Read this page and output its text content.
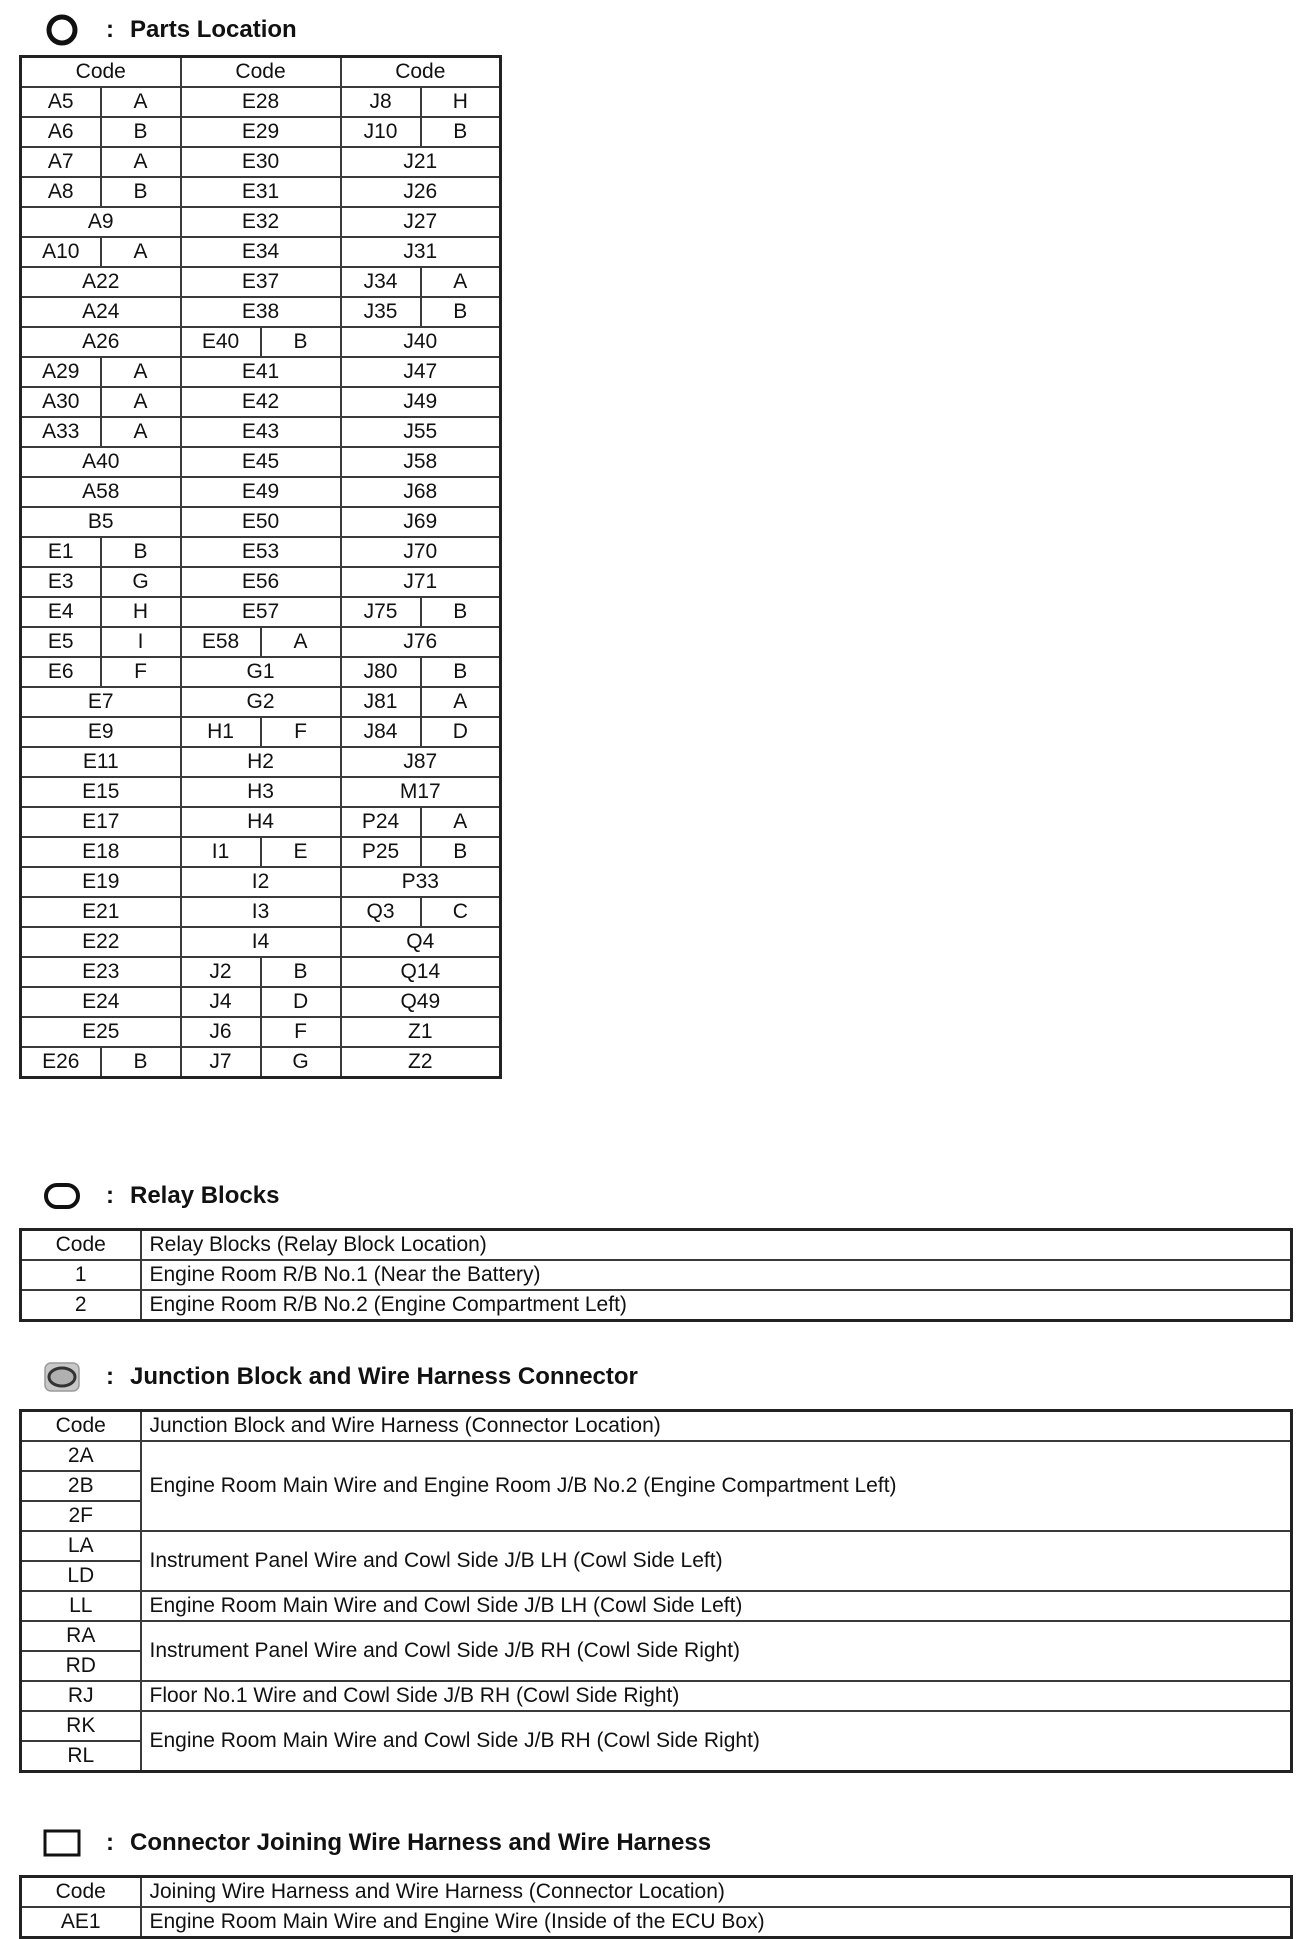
: Parts Location
Code		Code		Code	
A5	A	E28		J8	H
A6	B	E29		J10	B
A7	A	E30		J21	
A8	B	E31		J26	
A9		E32		J27	
A10	A	E34		J31	
A22		E37		J34	A
A24		E38		J35	B
A26		E40	B	J40	
A29	A	E41		J47	
A30	A	E42		J49	
A33	A	E43		J55	
A40		E45		J58	
A58		E49		J68	
B5		E50		J69	
E1	B	E53		J70	
E3	G	E56		J71	
E4	H	E57		J75	B
E5	I	E58	A	J76	
E6	F	G1		J80	B
E7		G2		J81	A
E9		H1	F	J84	D
E11		H2		J87	
E15		H3		M17	
E17		H4		P24	A
E18		I1	E	P25	B
E19		I2		P33	
E21		I3		Q3	C
E22		I4		Q4	
E23		J2	B	Q14	
E24		J4	D	Q49	
E25		J6	F	Z1	
E26	B	J7	G	Z2	
: Relay Blocks
Code	Relay Blocks (Relay Block Location)
1	Engine Room R/B No.1 (Near the Battery)
2	Engine Room R/B No.2 (Engine Compartment Left)
: Junction Block and Wire Harness Connector
Code	Junction Block and Wire Harness (Connector Location)
2A	Engine Room Main Wire and Engine Room J/B No.2 (Engine Compartment Left)
2B	
2F	
LA	Instrument Panel Wire and Cowl Side J/B LH (Cowl Side Left)
LD	
LL	Engine Room Main Wire and Cowl Side J/B LH (Cowl Side Left)
RA	Instrument Panel Wire and Cowl Side J/B RH (Cowl Side Right)
RD	
RJ	Floor No.1 Wire and Cowl Side J/B RH (Cowl Side Right)
RK	Engine Room Main Wire and Cowl Side J/B RH (Cowl Side Right)
RL	
: Connector Joining Wire Harness and Wire Harness
Code	Joining Wire Harness and Wire Harness (Connector Location)
AE1	Engine Room Main Wire and Engine Wire (Inside of the ECU Box)
